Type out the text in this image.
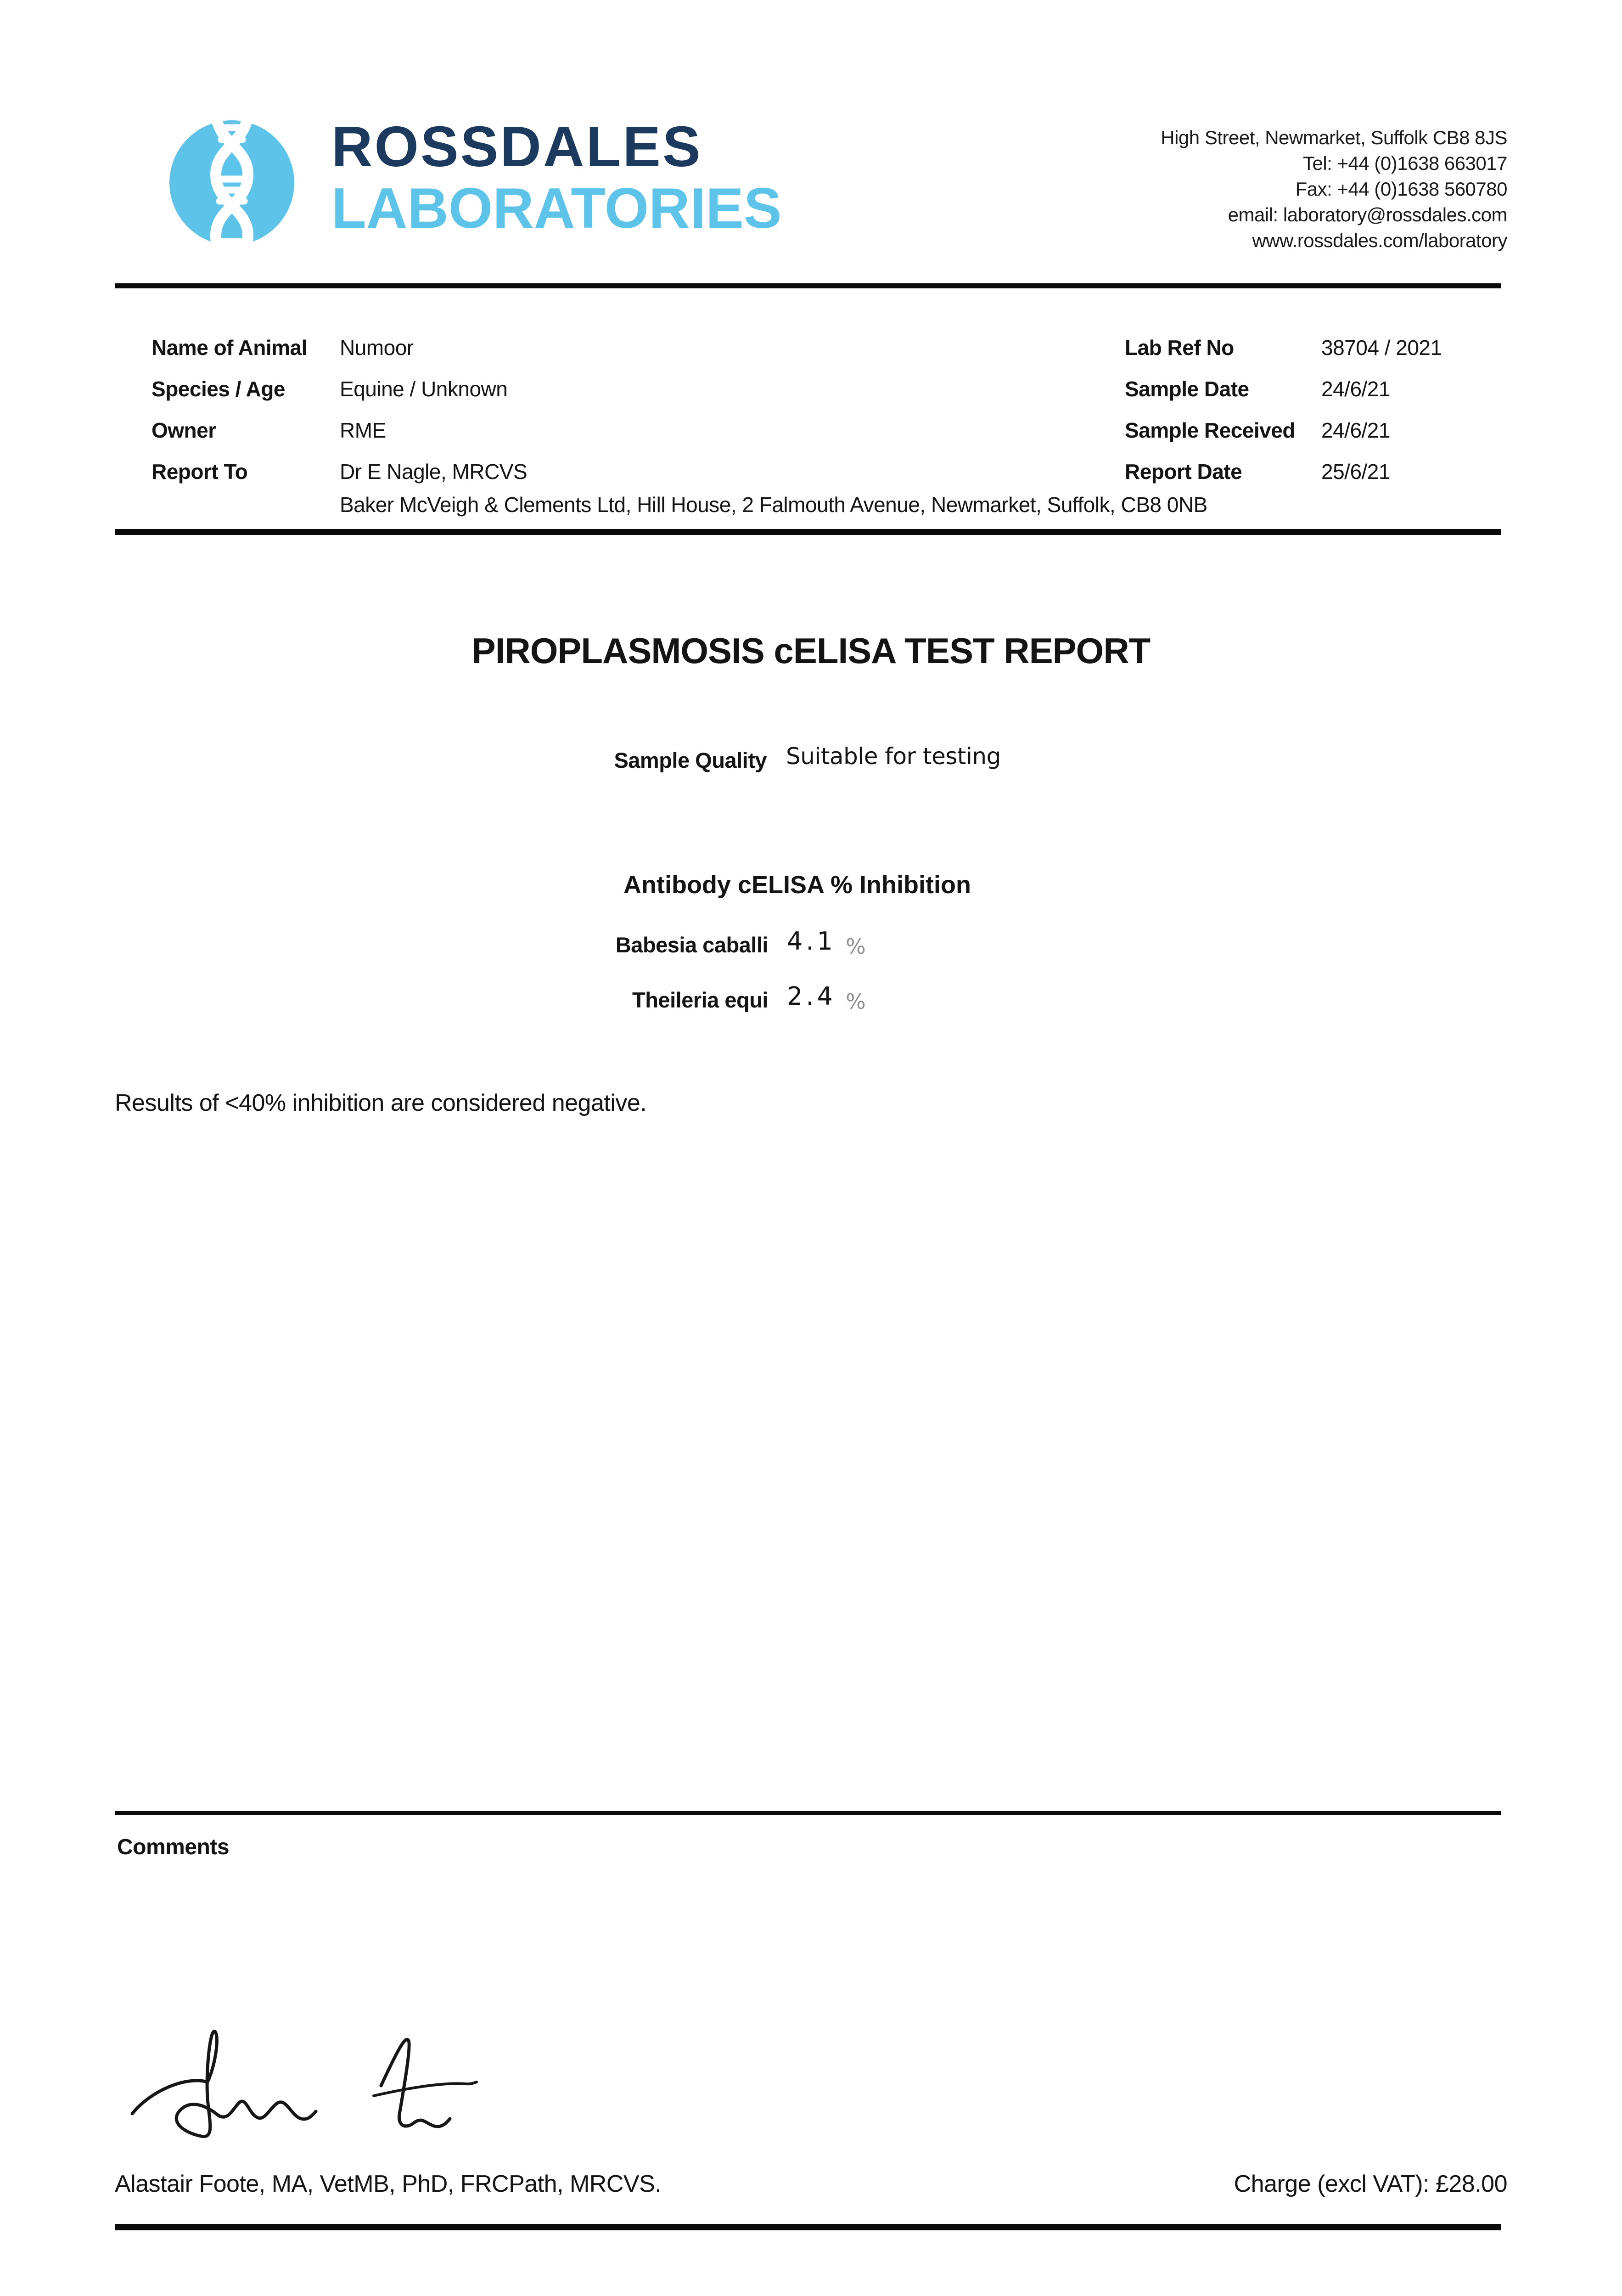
ROSSDALES
LABORATORIES
High Street, Newmarket, Suffolk CB8 8JS
Tel: +44 (0)1638 663017
Fax: +44 (0)1638 560780
email: laboratory@rossdales.com
www.rossdales.com/laboratory
Name of Animal
Species / Age
Owner
Report To
Numoor
Equine / Unknown
RME
Dr E Nagle, MRCVS
Baker McVeigh & Clements Ltd, Hill House, 2 Falmouth Avenue, Newmarket, Suffolk, CB8 0NB
Lab Ref No
Sample Date
Sample Received
Report Date
38704 / 2021
24/6/21
24/6/21
25/6/21
PIROPLASMOSIS cELISA TEST REPORT
Sample Quality Suitable for testing
Antibody cELISA % Inhibition
Babesia caballi 4.1 %
Theileria equi 2.4 %
Results of <40% inhibition are considered negative.
Comments
Alastair Foote, MA, VetMB, PhD, FRCPath, MRCVS.	Charge (excl VAT): £28.00
